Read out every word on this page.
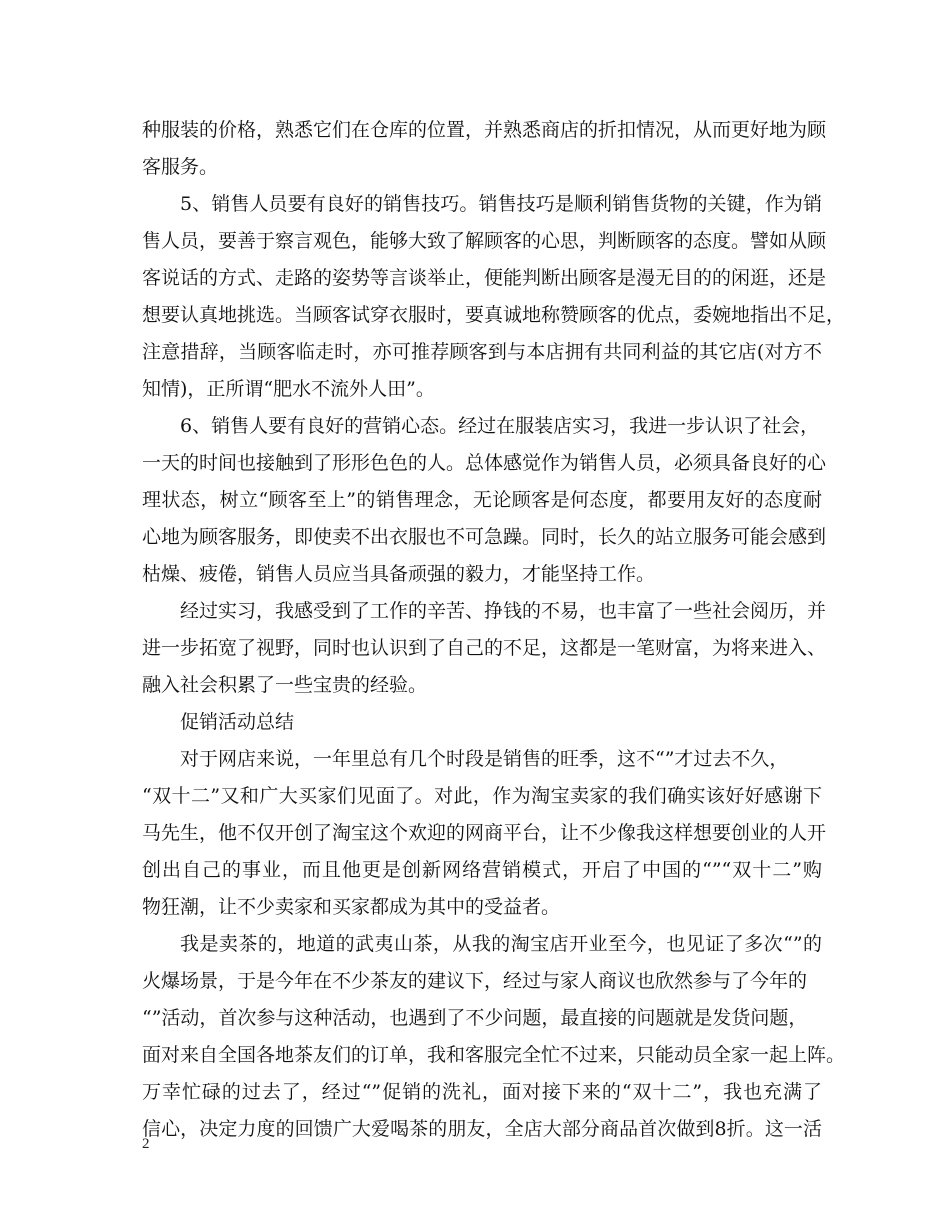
种服装的价格，熟悉它们在仓库的位置，并熟悉商店的折扣情况，从而更好地为顾
客服务。
5、销售人员要有良好的销售技巧。销售技巧是顺利销售货物的关键，作为销
售人员，要善于察言观色，能够大致了解顾客的心思，判断顾客的态度。譬如从顾
客说话的方式、走路的姿势等言谈举止，便能判断出顾客是漫无目的的闲逛，还是
想要认真地挑选。当顾客试穿衣服时，要真诚地称赞顾客的优点，委婉地指出不足，
注意措辞，当顾客临走时，亦可推荐顾客到与本店拥有共同利益的其它店(对方不
知情)，正所谓“肥水不流外人田”。
6、销售人要有良好的营销心态。经过在服装店实习，我进一步认识了社会，
一天的时间也接触到了形形色色的人。总体感觉作为销售人员，必须具备良好的心
理状态，树立“顾客至上”的销售理念，无论顾客是何态度，都要用友好的态度耐
心地为顾客服务，即使卖不出衣服也不可急躁。同时，长久的站立服务可能会感到
枯燥、疲倦，销售人员应当具备顽强的毅力，才能坚持工作。
经过实习，我感受到了工作的辛苦、挣钱的不易，也丰富了一些社会阅历，并
进一步拓宽了视野，同时也认识到了自己的不足，这都是一笔财富，为将来进入、
融入社会积累了一些宝贵的经验。
促销活动总结
对于网店来说，一年里总有几个时段是销售的旺季，这不“”才过去不久，
“双十二”又和广大买家们见面了。对此，作为淘宝卖家的我们确实该好好感谢下
马先生，他不仅开创了淘宝这个欢迎的网商平台，让不少像我这样想要创业的人开
创出自己的事业，而且他更是创新网络营销模式，开启了中国的“”“双十二”购
物狂潮，让不少卖家和买家都成为其中的受益者。
我是卖茶的，地道的武夷山茶，从我的淘宝店开业至今，也见证了多次“”的
火爆场景，于是今年在不少茶友的建议下，经过与家人商议也欣然参与了今年的
“”活动，首次参与这种活动，也遇到了不少问题，最直接的问题就是发货问题，
面对来自全国各地茶友们的订单，我和客服完全忙不过来，只能动员全家一起上阵。
万幸忙碌的过去了，经过“”促销的洗礼，面对接下来的“双十二”，我也充满了
信心，决定力度的回馈广大爱喝茶的朋友，全店大部分商品首次做到8折。这一活
2
